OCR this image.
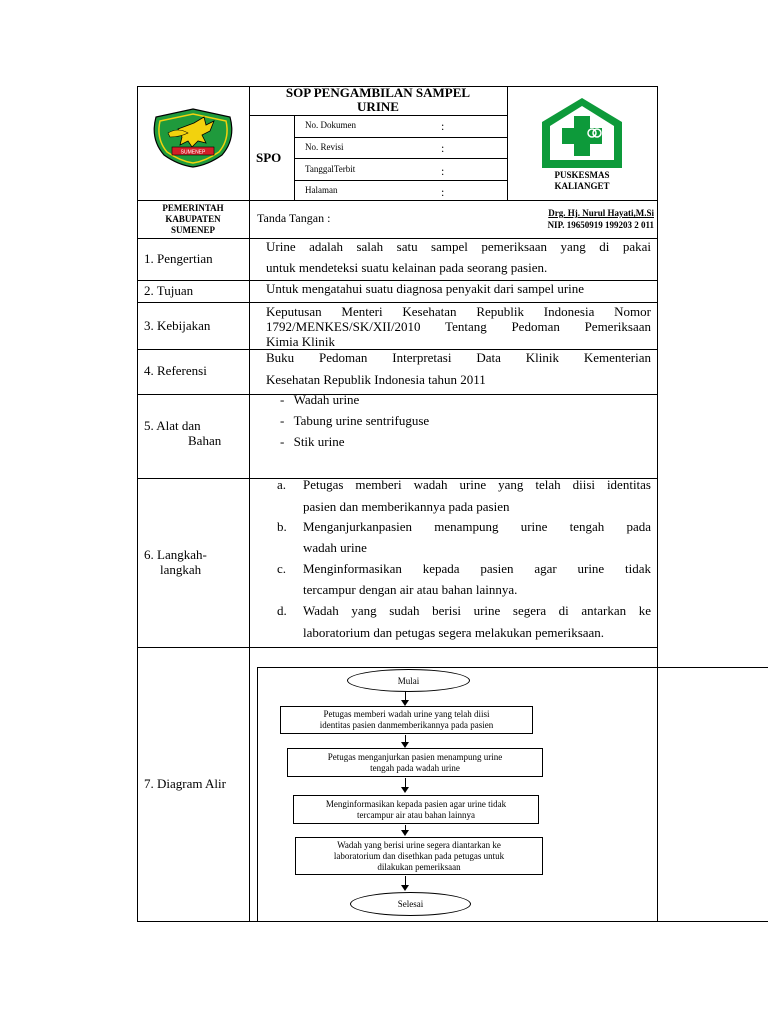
SUMENEP
SOP PENGAMBILAN SAMPEL
URINE
SPO
No. Dokumen	:
No. Revisi	:
TanggalTerbit	:
Halaman	:
PUSKESMAS
KALIANGET
PEMERINTAH
KABUPATEN
SUMENEP
Tanda Tangan :	Drg. Hj. Nurul Hayati,M.Si
NIP. 19650919 199203 2 011
1. Pengertian
Urine adalah salah satu sampel pemeriksaan yang di pakai
untuk mendeteksi suatu kelainan pada seorang pasien.
2. Tujuan	Untuk mengatahui suatu diagnosa penyakit dari sampel urine
3. Kebijakan
Keputusan Menteri Kesehatan Republik Indonesia Nomor
1792/MENKES/SK/XII/2010 Tentang Pedoman Pemeriksaan
Kimia Klinik
4. Referensi
Buku Pedoman Interpretasi Data Klinik Kementerian
Kesehatan Republik Indonesia tahun 2011
5. Alat dan
Bahan
- Wadah urine
- Tabung urine sentrifuguse
- Stik urine
6. Langkah-
langkah
a. Petugas memberi wadah urine yang telah diisi identitas
pasien dan memberikannya pada pasien
b. Menganjurkanpasien menampung urine tengah pada
wadah urine
c. Menginformasikan kepada pasien agar urine tidak
tercampur dengan air atau bahan lainnya.
d. Wadah yang sudah berisi urine segera di antarkan ke
laboratorium dan petugas segera melakukan pemeriksaan.
7. Diagram Alir
Mulai
Petugas memberi wadah urine yang telah diisi
identitas pasien danmemberikannya pada pasien
Petugas menganjurkan pasien menampung urine
tengah pada wadah urine
Menginformasikan kepada pasien agar urine tidak
tercampur air atau bahan lainnya
Wadah yang berisi urine segera diantarkan ke
laboratorium dan disethkan pada petugas untuk
dilakukan pemeriksaan
Selesai
